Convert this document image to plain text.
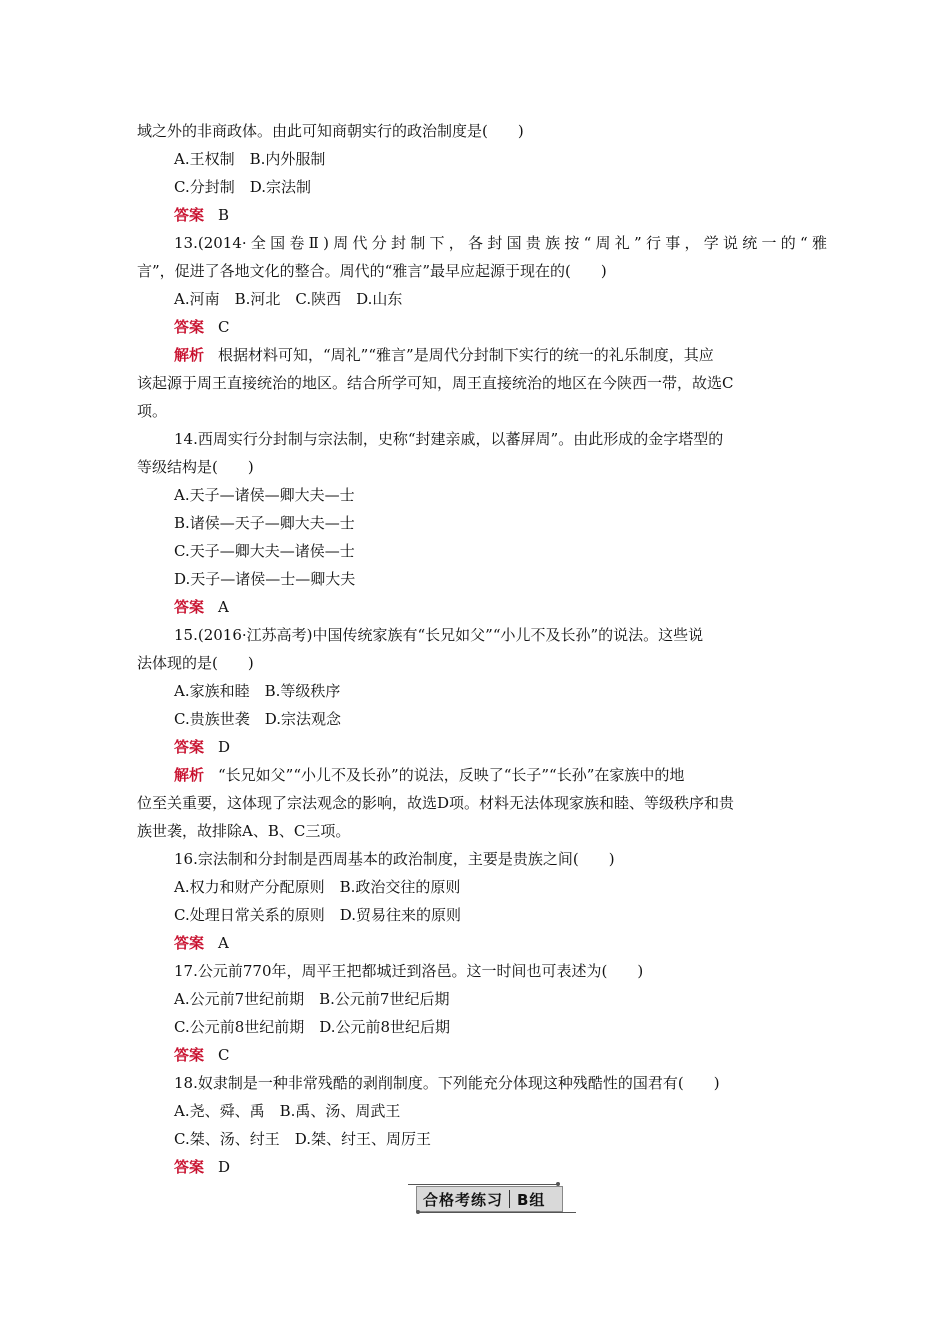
域之外的非商政体。由此可知商朝实行的政治制度是(　　)
A.王权制　B.内外服制
C.分封制　D.宗法制
答案 B
13.(2014·全国卷Ⅱ)周代分封制下，各封国贵族按“周礼”行事，学说统一的“雅
言”，促进了各地文化的整合。周代的“雅言”最早应起源于现在的(　　)
A.河南　B.河北　C.陕西　D.山东
答案 C
解析 根据材料可知，“周礼”“雅言”是周代分封制下实行的统一的礼乐制度，其应
该起源于周王直接统治的地区。结合所学可知，周王直接统治的地区在今陕西一带，故选C
项。
14.西周实行分封制与宗法制，史称“封建亲戚，以蕃屏周”。由此形成的金字塔型的
等级结构是(　　)
A.天子—诸侯—卿大夫—士
B.诸侯—天子—卿大夫—士
C.天子—卿大夫—诸侯—士
D.天子—诸侯—士—卿大夫
答案 A
15.(2016·江苏高考)中国传统家族有“长兄如父”“小儿不及长孙”的说法。这些说
法体现的是(　　)
A.家族和睦　B.等级秩序
C.贵族世袭　D.宗法观念
答案 D
解析 “长兄如父”“小儿不及长孙”的说法，反映了“长子”“长孙”在家族中的地
位至关重要，这体现了宗法观念的影响，故选D项。材料无法体现家族和睦、等级秩序和贵
族世袭，故排除A、B、C三项。
16.宗法制和分封制是西周基本的政治制度，主要是贵族之间(　　)
A.权力和财产分配原则　B.政治交往的原则
C.处理日常关系的原则　D.贸易往来的原则
答案 A
17.公元前770年，周平王把都城迁到洛邑。这一时间也可表述为(　　)
A.公元前7世纪前期　B.公元前7世纪后期
C.公元前8世纪前期　D.公元前8世纪后期
答案 C
18.奴隶制是一种非常残酷的剥削制度。下列能充分体现这种残酷性的国君有(　　)
A.尧、舜、禹　B.禹、汤、周武王
C.桀、汤、纣王　D.桀、纣王、周厉王
答案 D
合格考练习 B组
